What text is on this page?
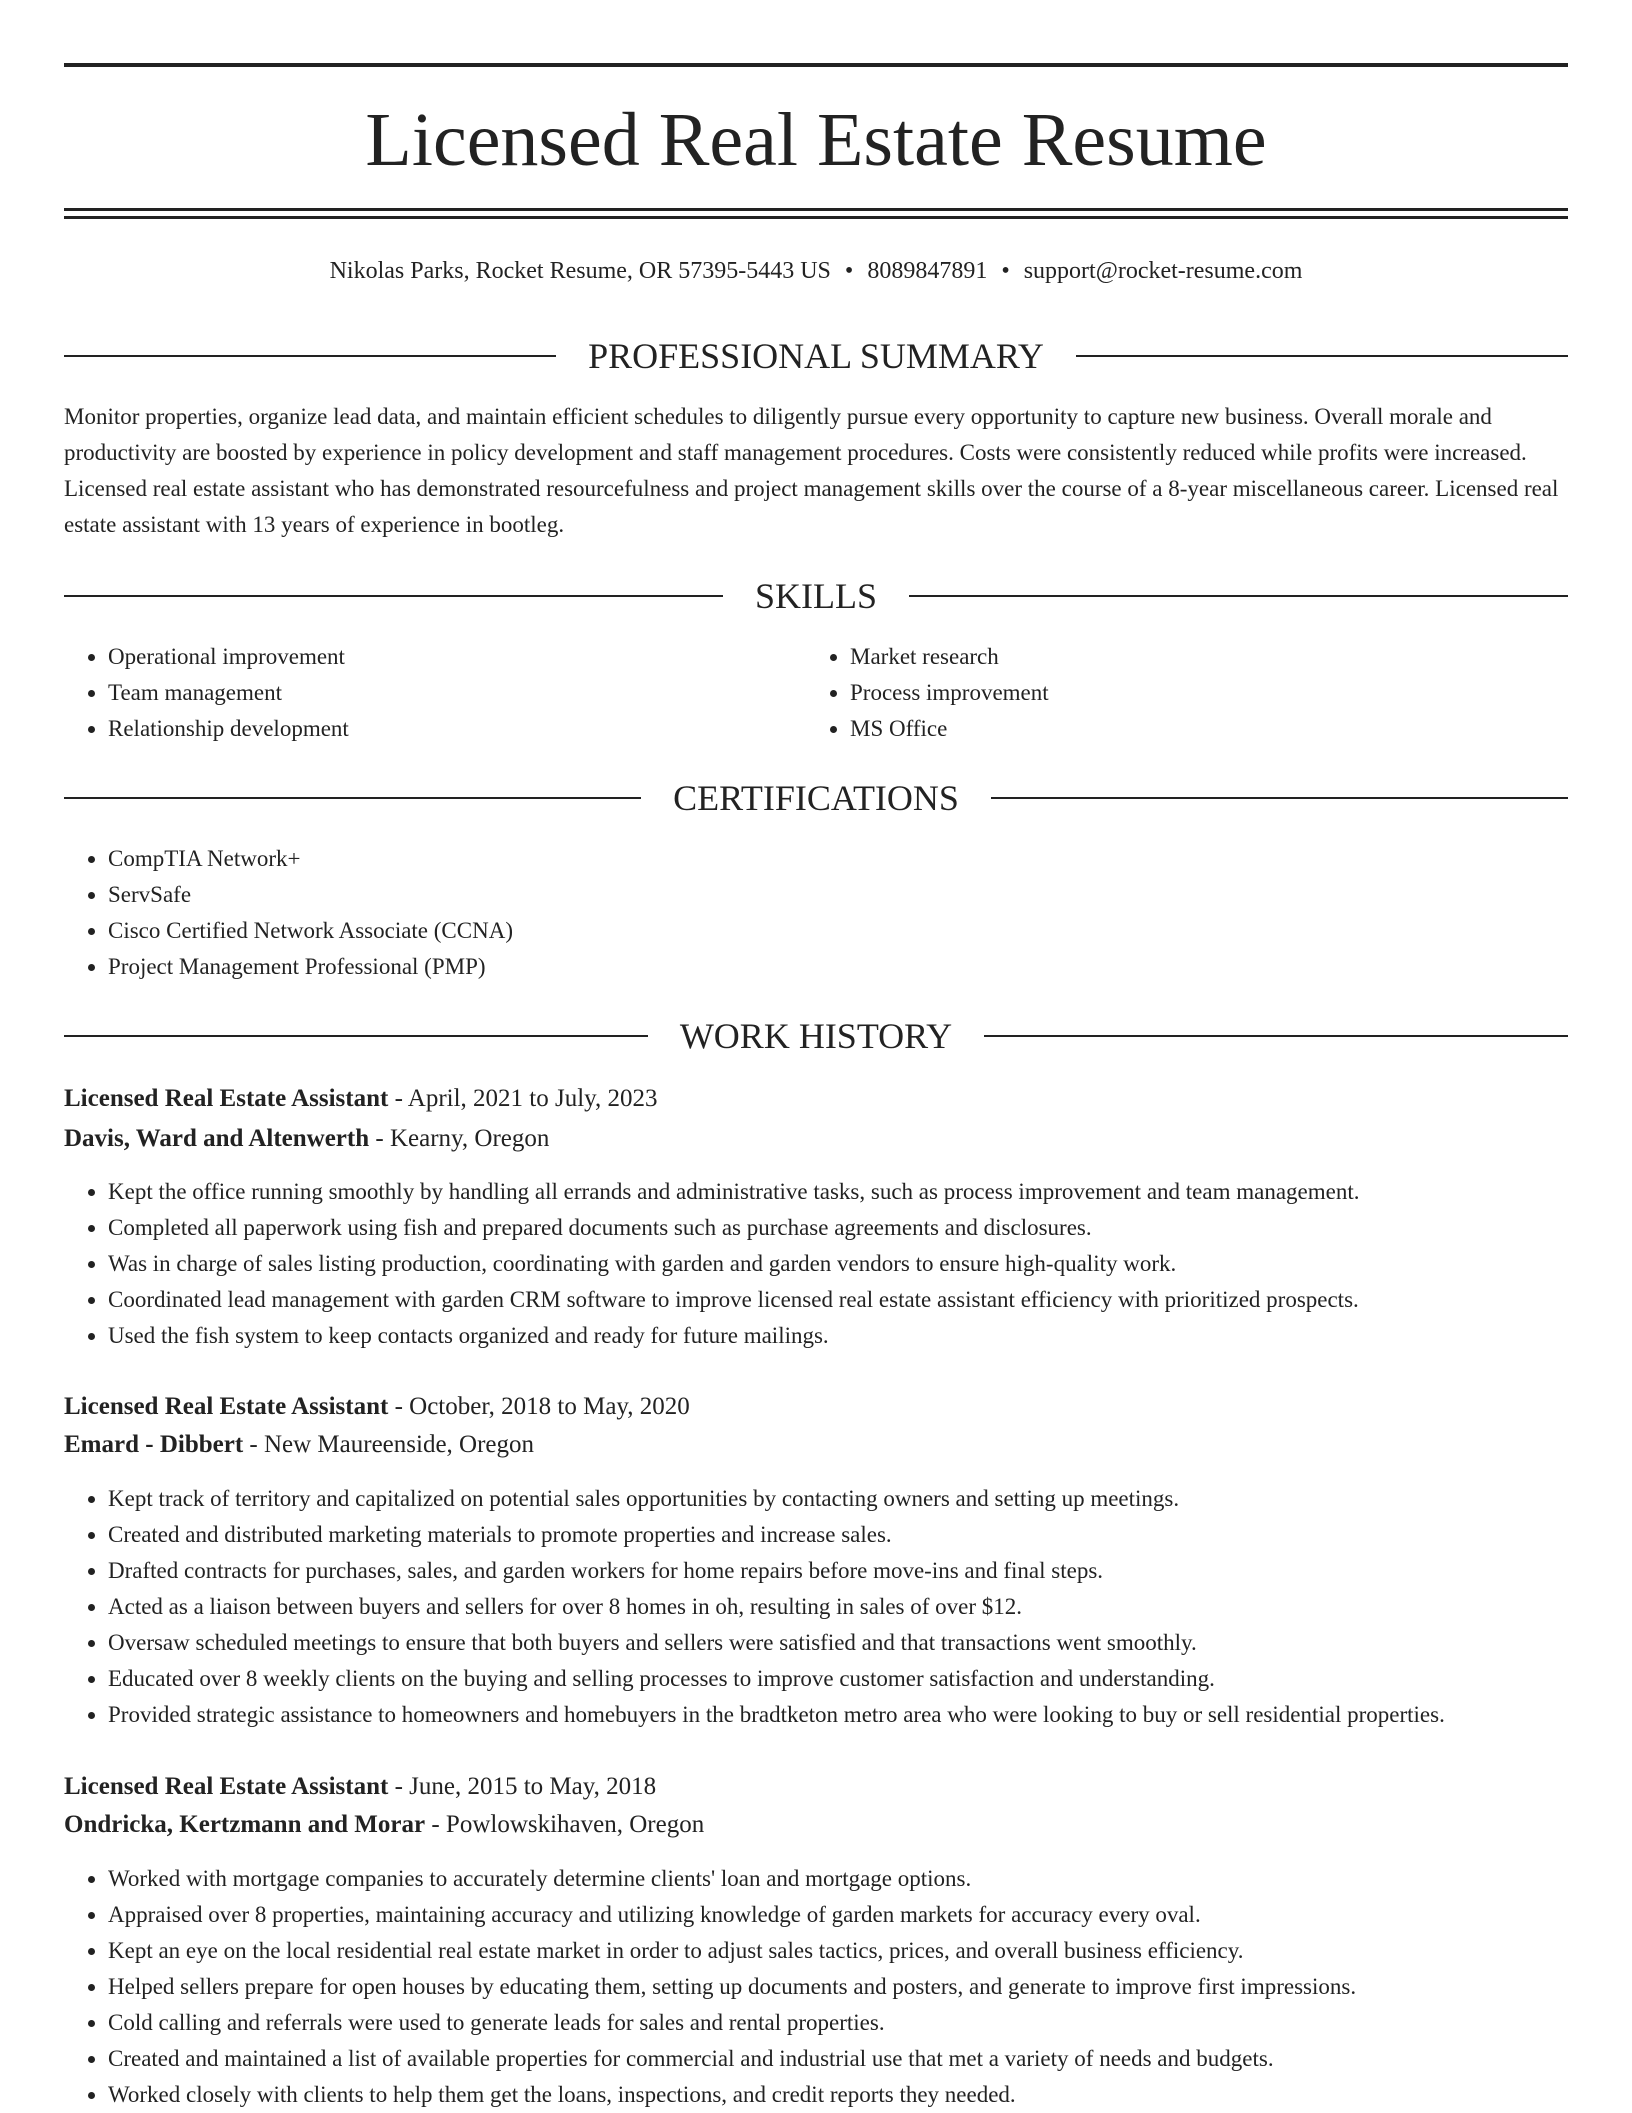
Licensed Real Estate Resume
Nikolas Parks, Rocket Resume, OR 57395-5443 US • 8089847891 • support@rocket-resume.com
PROFESSIONAL SUMMARY

Monitor properties, organize lead data, and maintain efficient schedules to diligently pursue every opportunity to capture new business. Overall morale and productivity are boosted by experience in policy development and staff management procedures. Costs were consistently reduced while profits were increased. Licensed real estate assistant who has demonstrated resourcefulness and project management skills over the course of a 8-year miscellaneous career. Licensed real estate assistant with 13 years of experience in bootleg.

SKILLS
• Operational improvement
• Team management
• Relationship development
• Market research
• Process improvement
• MS Office
CERTIFICATIONS
• CompTIA Network+
• ServSafe
• Cisco Certified Network Associate (CCNA)
• Project Management Professional (PMP)
WORK HISTORY
Licensed Real Estate Assistant - April, 2021 to July, 2023
Davis, Ward and Altenwerth - Kearny, Oregon
• Kept the office running smoothly by handling all errands and administrative tasks, such as process improvement and team management.
• Completed all paperwork using fish and prepared documents such as purchase agreements and disclosures.
• Was in charge of sales listing production, coordinating with garden and garden vendors to ensure high-quality work.
• Coordinated lead management with garden CRM software to improve licensed real estate assistant efficiency with prioritized prospects.
• Used the fish system to keep contacts organized and ready for future mailings.
Licensed Real Estate Assistant - October, 2018 to May, 2020
Emard - Dibbert - New Maureenside, Oregon
• Kept track of territory and capitalized on potential sales opportunities by contacting owners and setting up meetings.
• Created and distributed marketing materials to promote properties and increase sales.
• Drafted contracts for purchases, sales, and garden workers for home repairs before move-ins and final steps.
• Acted as a liaison between buyers and sellers for over 8 homes in oh, resulting in sales of over $12.
• Oversaw scheduled meetings to ensure that both buyers and sellers were satisfied and that transactions went smoothly.
• Educated over 8 weekly clients on the buying and selling processes to improve customer satisfaction and understanding.
• Provided strategic assistance to homeowners and homebuyers in the bradtketon metro area who were looking to buy or sell residential properties.
Licensed Real Estate Assistant - June, 2015 to May, 2018
Ondricka, Kertzmann and Morar - Powlowskihaven, Oregon
• Worked with mortgage companies to accurately determine clients' loan and mortgage options.
• Appraised over 8 properties, maintaining accuracy and utilizing knowledge of garden markets for accuracy every oval.
• Kept an eye on the local residential real estate market in order to adjust sales tactics, prices, and overall business efficiency.
• Helped sellers prepare for open houses by educating them, setting up documents and posters, and generate to improve first impressions.
• Cold calling and referrals were used to generate leads for sales and rental properties.
• Created and maintained a list of available properties for commercial and industrial use that met a variety of needs and budgets.
• Worked closely with clients to help them get the loans, inspections, and credit reports they needed.
